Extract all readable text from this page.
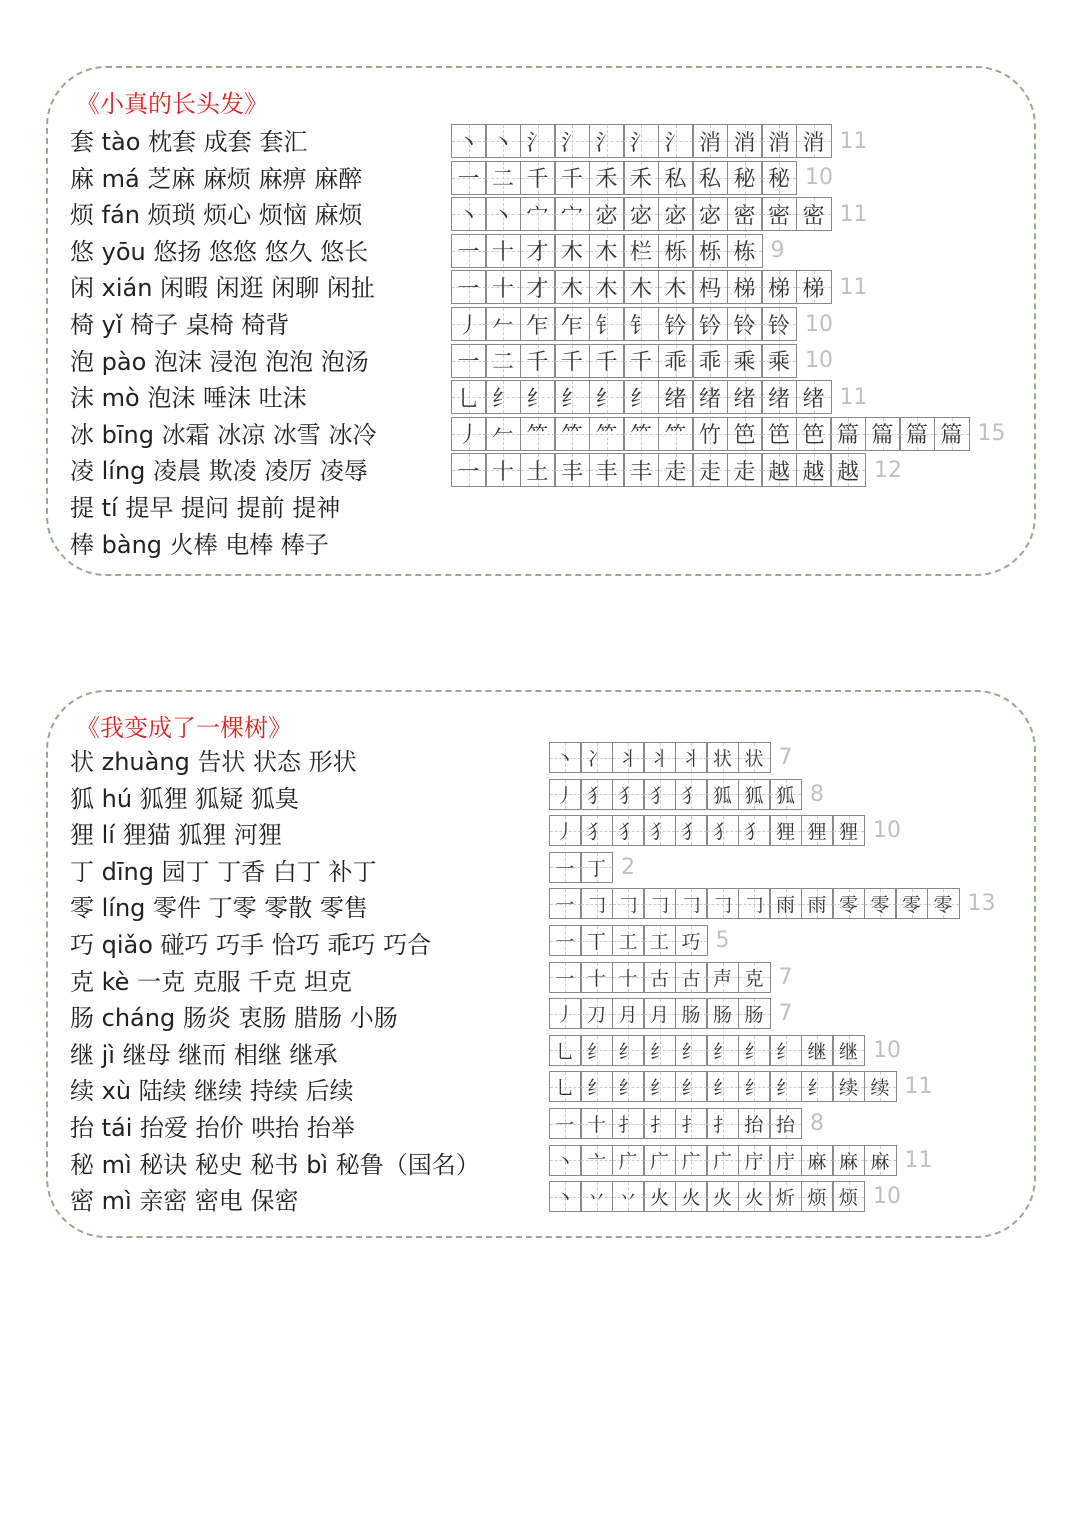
《小真的长头发》
套 tào 枕套 成套 套汇	丶 丶 氵 氵 氵 氵 氵 消 消 消 消 11
麻 má 芝麻 麻烦 麻痹 麻醉	一 二 千 千 禾 禾 私 私 秘 秘 10
烦 fán 烦琐 烦心 烦恼 麻烦	丶 丶 宀 宀 宓 宓 宓 宓 密 密 密 11
悠 yōu 悠扬 悠悠 悠久 悠长	一 十 才 木 木 栏 栎 栎 栋 9
闲 xián 闲暇 闲逛 闲聊 闲扯	一 十 才 木 木 木 木 杩 梯 梯 梯 11
椅 yǐ 椅子 桌椅 椅背	丿 𠂉 乍 乍 钅 钅 钤 钤 铃 铃 10
泡 pào 泡沫 浸泡 泡泡 泡汤	一 二 千 千 千 千 乖 乖 乘 乘 10
沫 mò 泡沫 唾沫 吐沫	乚 纟 纟 纟 纟 纟 绪 绪 绪 绪 绪 11
冰 bīng 冰霜 冰凉 冰雪 冰冷	丿 𠂉 ⺮ ⺮ ⺮ ⺮ ⺮ 竹 笆 笆 笆 篇 篇 篇 篇 15
凌 líng 凌晨 欺凌 凌厉 凌辱	一 十 土 丰 丰 丰 走 走 走 越 越 越 12
提 tí 提早 提问 提前 提神
棒 bàng 火棒 电棒 棒子
《我变成了一棵树》
状 zhuàng 告状 状态 形状	丶 冫 丬 丬 丬 状 状 7
狐 hú 狐狸 狐疑 狐臭	丿 犭 犭 犭 犭 狐 狐 狐 8
狸 lí 狸猫 狐狸 河狸	丿 犭 犭 犭 犭 犭 犭 狸 狸 狸 10
丁 dīng 园丁 丁香 白丁 补丁	一 丁 2
零 líng 零件 丁零 零散 零售	一 𠃌 𠃌 𠃌 𠃌 𠃌 𠃌 雨 雨 零 零 零 零 13
巧 qiǎo 碰巧 巧手 恰巧 乖巧 巧合	一 丅 工 工 巧 5
克 kè 一克 克服 千克 坦克	一 十 十 古 古 声 克 7
肠 cháng 肠炎 衷肠 腊肠 小肠	丿 刀 月 月 肠 肠 肠 7
继 jì 继母 继而 相继 继承	乚 纟 纟 纟 纟 纟 纟 纟 继 继 10
续 xù 陆续 继续 持续 后续	乚 纟 纟 纟 纟 纟 纟 纟 纟 续 续 11
抬 tái 抬爱 抬价 哄抬 抬举	一 十 扌 扌 扌 扌 抬 抬 8
秘 mì 秘诀 秘史 秘书 bì 秘鲁（国名）	丶 亠 广 广 广 广 庁 庁 麻 麻 麻 11
密 mì 亲密 密电 保密	丶 丷 丷 火 火 火 火 炘 烦 烦 10
